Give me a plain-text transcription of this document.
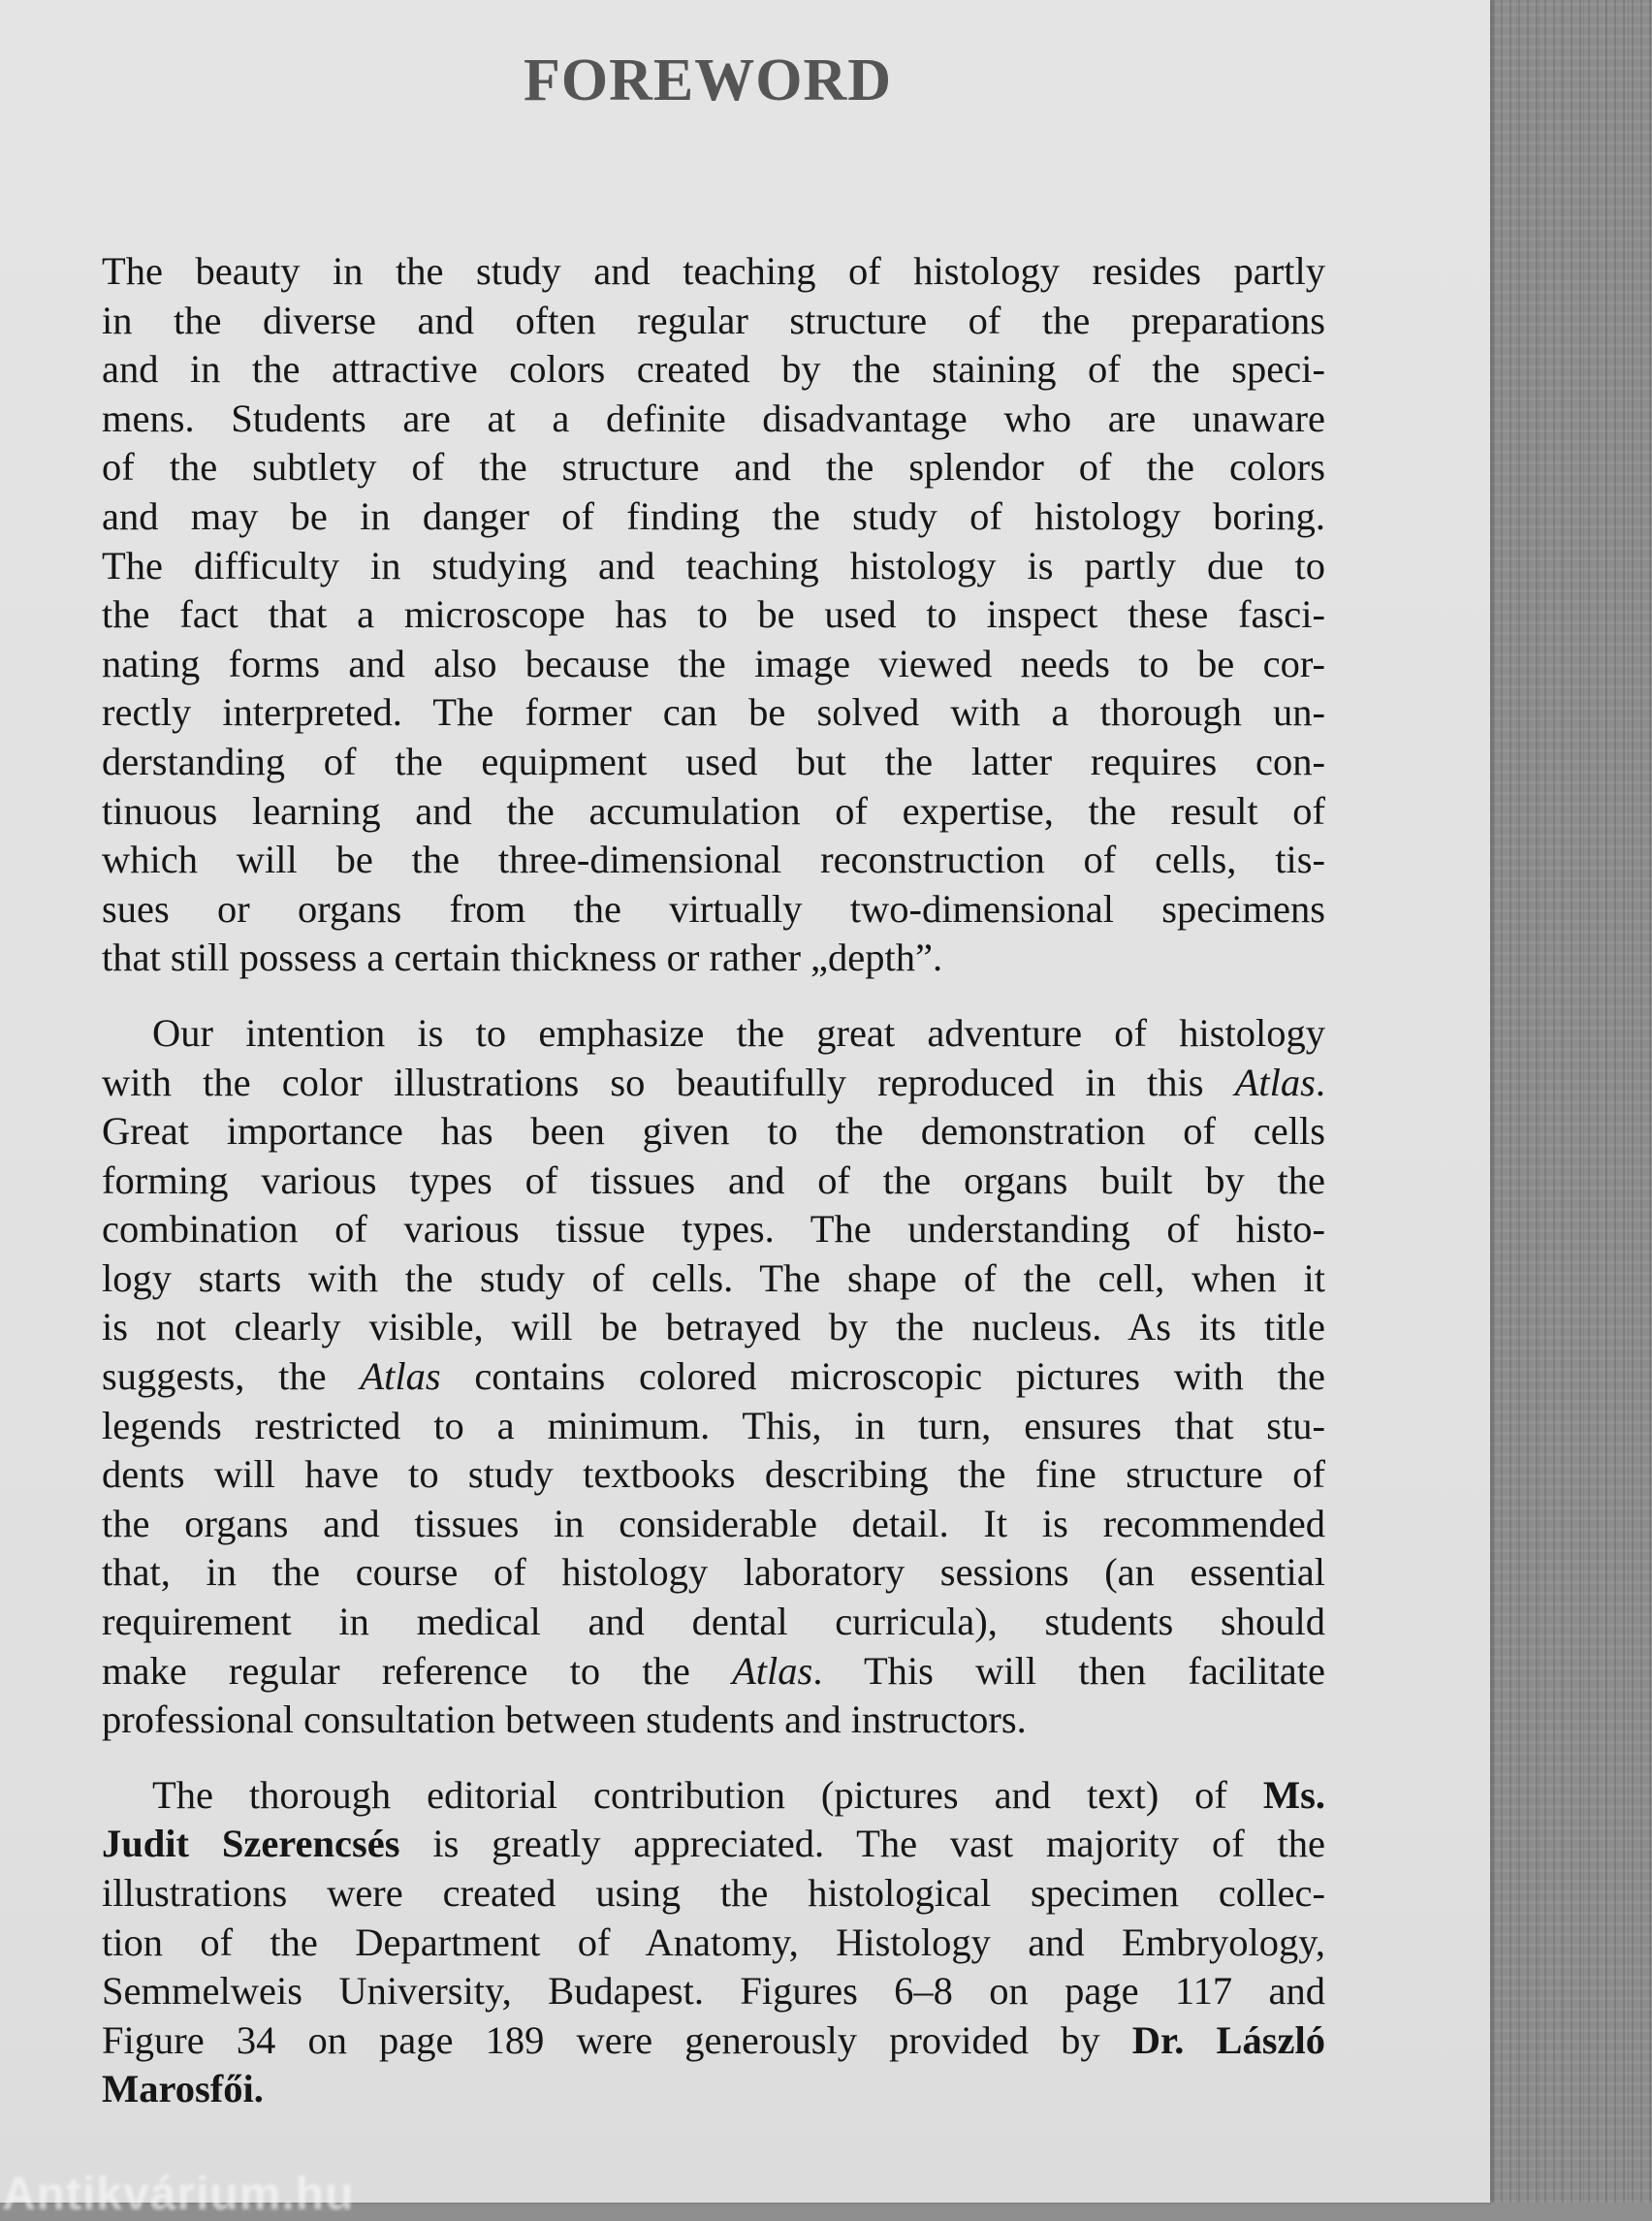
FOREWORD
The beauty in the study and teaching of histology resides partly
in the diverse and often regular structure of the preparations
and in the attractive colors created by the staining of the speci-
mens. Students are at a definite disadvantage who are unaware
of the subtlety of the structure and the splendor of the colors
and may be in danger of finding the study of histology boring.
The difficulty in studying and teaching histology is partly due to
the fact that a microscope has to be used to inspect these fasci-
nating forms and also because the image viewed needs to be cor-
rectly interpreted. The former can be solved with a thorough un-
derstanding of the equipment used but the latter requires con-
tinuous learning and the accumulation of expertise, the result of
which will be the three-dimensional reconstruction of cells, tis-
sues or organs from the virtually two-dimensional specimens
that still possess a certain thickness or rather „depth”.
Our intention is to emphasize the great adventure of histology
with the color illustrations so beautifully reproduced in this Atlas.
Great importance has been given to the demonstration of cells
forming various types of tissues and of the organs built by the
combination of various tissue types. The understanding of histo-
logy starts with the study of cells. The shape of the cell, when it
is not clearly visible, will be betrayed by the nucleus. As its title
suggests, the Atlas contains colored microscopic pictures with the
legends restricted to a minimum. This, in turn, ensures that stu-
dents will have to study textbooks describing the fine structure of
the organs and tissues in considerable detail. It is recommended
that, in the course of histology laboratory sessions (an essential
requirement in medical and dental curricula), students should
make regular reference to the Atlas. This will then facilitate
professional consultation between students and instructors.
The thorough editorial contribution (pictures and text) of Ms.
Judit Szerencsés is greatly appreciated. The vast majority of the
illustrations were created using the histological specimen collec-
tion of the Department of Anatomy, Histology and Embryology,
Semmelweis University, Budapest. Figures 6–8 on page 117 and
Figure 34 on page 189 were generously provided by Dr. László
Marosfői.
Antikvárium.hu
